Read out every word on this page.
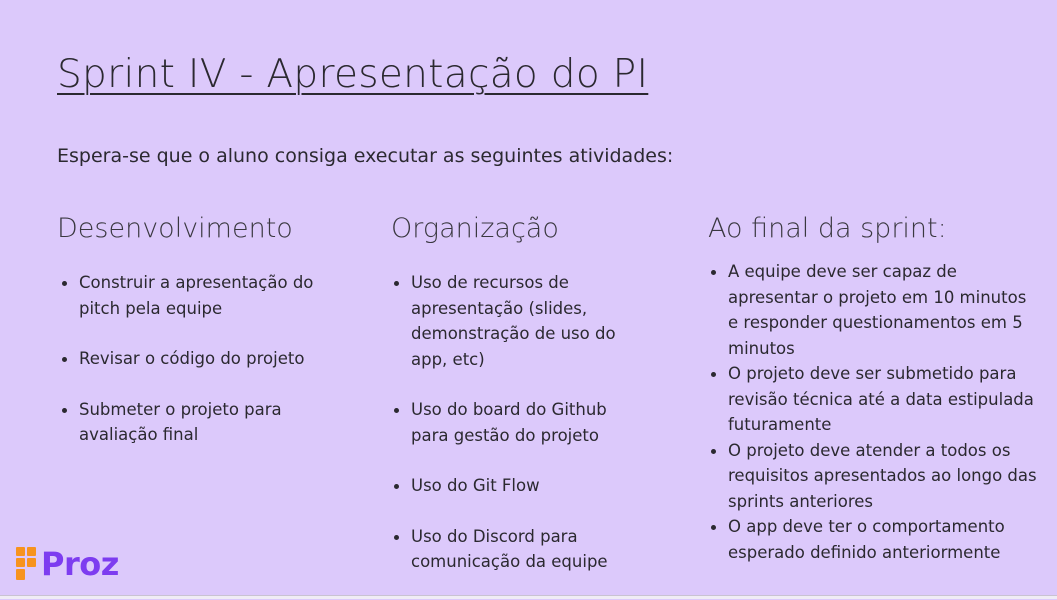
Sprint IV - Apresentação do PI
Espera-se que o aluno consiga executar as seguintes atividades:
Desenvolvimento
Construir a apresentação do pitch pela equipe
Revisar o código do projeto
Submeter o projeto para avaliação final
Organização
Uso de recursos de apresentação (slides, demonstração de uso do app, etc)
Uso do board do Github para gestão do projeto
Uso do Git Flow
Uso do Discord para comunicação da equipe
Ao final da sprint:
A equipe deve ser capaz de apresentar o projeto em 10 minutos e responder questionamentos em 5 minutos
O projeto deve ser submetido para revisão técnica até a data estipulada futuramente
O projeto deve atender a todos os requisitos apresentados ao longo das sprints anteriores
O app deve ter o comportamento esperado definido anteriormente
Proz
